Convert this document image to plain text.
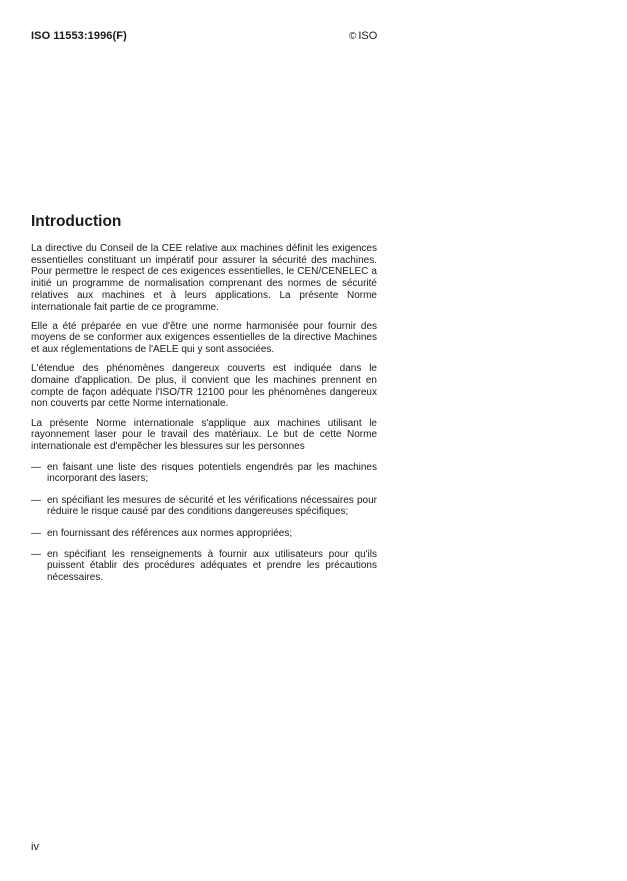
ISO 11553:1996(F)	© ISO
Introduction

La directive du Conseil de la CEE relative aux machines définit les exigences essentielles constituant un impératif pour assurer la sécurité des machines. Pour permettre le respect de ces exigences essentielles, le CEN/CENELEC a initié un programme de normalisation comprenant des normes de sécurité relatives aux machines et à leurs applications. La présente Norme internationale fait partie de ce programme.

Elle a été préparée en vue d'être une norme harmonisée pour fournir des moyens de se conformer aux exigences essentielles de la directive Machines et aux réglementations de l'AELE qui y sont associées.

L'étendue des phénomènes dangereux couverts est indiquée dans le domaine d'application. De plus, il convient que les machines prennent en compte de façon adéquate l'ISO/TR 12100 pour les phénomènes dangereux non couverts par cette Norme internationale.

La présente Norme internationale s'applique aux machines utilisant le rayonnement laser pour le travail des matériaux. Le but de cette Norme internationale est d'empêcher les blessures sur les personnes

— en faisant une liste des risques potentiels engendrés par les machines incorporant des lasers;
— en spécifiant les mesures de sécurité et les vérifications nécessaires pour réduire le risque causé par des conditions dangereuses spécifiques;
— en fournissant des références aux normes appropriées;
— en spécifiant les renseignements à fournir aux utilisateurs pour qu'ils puissent établir des procédures adéquates et prendre les précautions nécessaires.
iv
